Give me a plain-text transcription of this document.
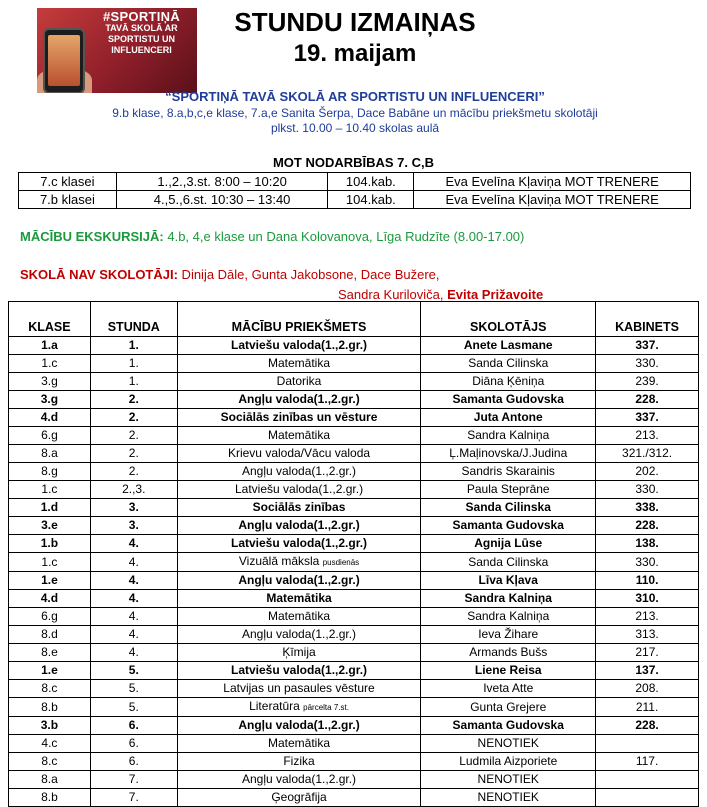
#SPORTIŅĀ
TAVĀ SKOLĀ AR SPORTISTU UN INFLUENCERI
STUNDU IZMAIŅAS
19. maijam
“SPORTIŅĀ TAVĀ SKOLĀ AR SPORTISTU UN INFLUENCERI”
9.b klase, 8.a,b,c,e klase, 7.a,e Sanita Šerpa, Dace Babāne un mācību priekšmetu skolotāji
plkst. 10.00 – 10.40 skolas aulā
MOT NODARBĪBAS 7. C,B
7.c klasei	1.,2.,3.st. 8:00 – 10:20	104.kab.	Eva Evelīna Kļaviņa MOT TRENERE
7.b klasei	4.,5.,6.st. 10:30 – 13:40	104.kab.	Eva Evelīna Kļaviņa MOT TRENERE
MĀCĪBU EKSKURSIJĀ: 4.b, 4,e klase un Dana Kolovanova, Līga Rudzīte (8.00-17.00)
SKOLĀ NAV SKOLOTĀJI: Dinija Dāle, Gunta Jakobsone, Dace Bužere,
Sandra Kuriloviča, Evita Prižavoite
KLASE	STUNDA	MĀCĪBU PRIEKŠMETS	SKOLOTĀJS	KABINETS
1.a	1.	Latviešu valoda(1.,2.gr.)	Anete Lasmane	337.
1.c	1.	Matemātika	Sanda Cilinska	330.
3.g	1.	Datorika	Diāna Ķēniņa	239.
3.g	2.	Angļu valoda(1.,2.gr.)	Samanta Gudovska	228.
4.d	2.	Sociālās zinības un vēsture	Juta Antone	337.
6.g	2.	Matemātika	Sandra Kalniņa	213.
8.a	2.	Krievu valoda/Vācu valoda	Ļ.Maļinovska/J.Judina	321./312.
8.g	2.	Angļu valoda(1.,2.gr.)	Sandris Skarainis	202.
1.c	2.,3.	Latviešu valoda(1.,2.gr.)	Paula Steprāne	330.
1.d	3.	Sociālās zinības	Sanda Cilinska	338.
3.e	3.	Angļu valoda(1.,2.gr.)	Samanta Gudovska	228.
1.b	4.	Latviešu valoda(1.,2.gr.)	Agnija Lūse	138.
1.c	4.	Vizuālā māksla pusdienās	Sanda Cilinska	330.
1.e	4.	Angļu valoda(1.,2.gr.)	Līva Kļava	110.
4.d	4.	Matemātika	Sandra Kalniņa	310.
6.g	4.	Matemātika	Sandra Kalniņa	213.
8.d	4.	Angļu valoda(1.,2.gr.)	Ieva Žihare	313.
8.e	4.	Ķīmija	Armands Bušs	217.
1.e	5.	Latviešu valoda(1.,2.gr.)	Liene Reisa	137.
8.c	5.	Latvijas un pasaules vēsture	Iveta Atte	208.
8.b	5.	Literatūra pārcelta 7.st.	Gunta Grejere	211.
3.b	6.	Angļu valoda(1.,2.gr.)	Samanta Gudovska	228.
4.c	6.	Matemātika	NENOTIEK	
8.c	6.	Fizika	Ludmila Aizporiete	117.
8.a	7.	Angļu valoda(1.,2.gr.)	NENOTIEK	
8.b	7.	Ģeogrāfija	NENOTIEK	
